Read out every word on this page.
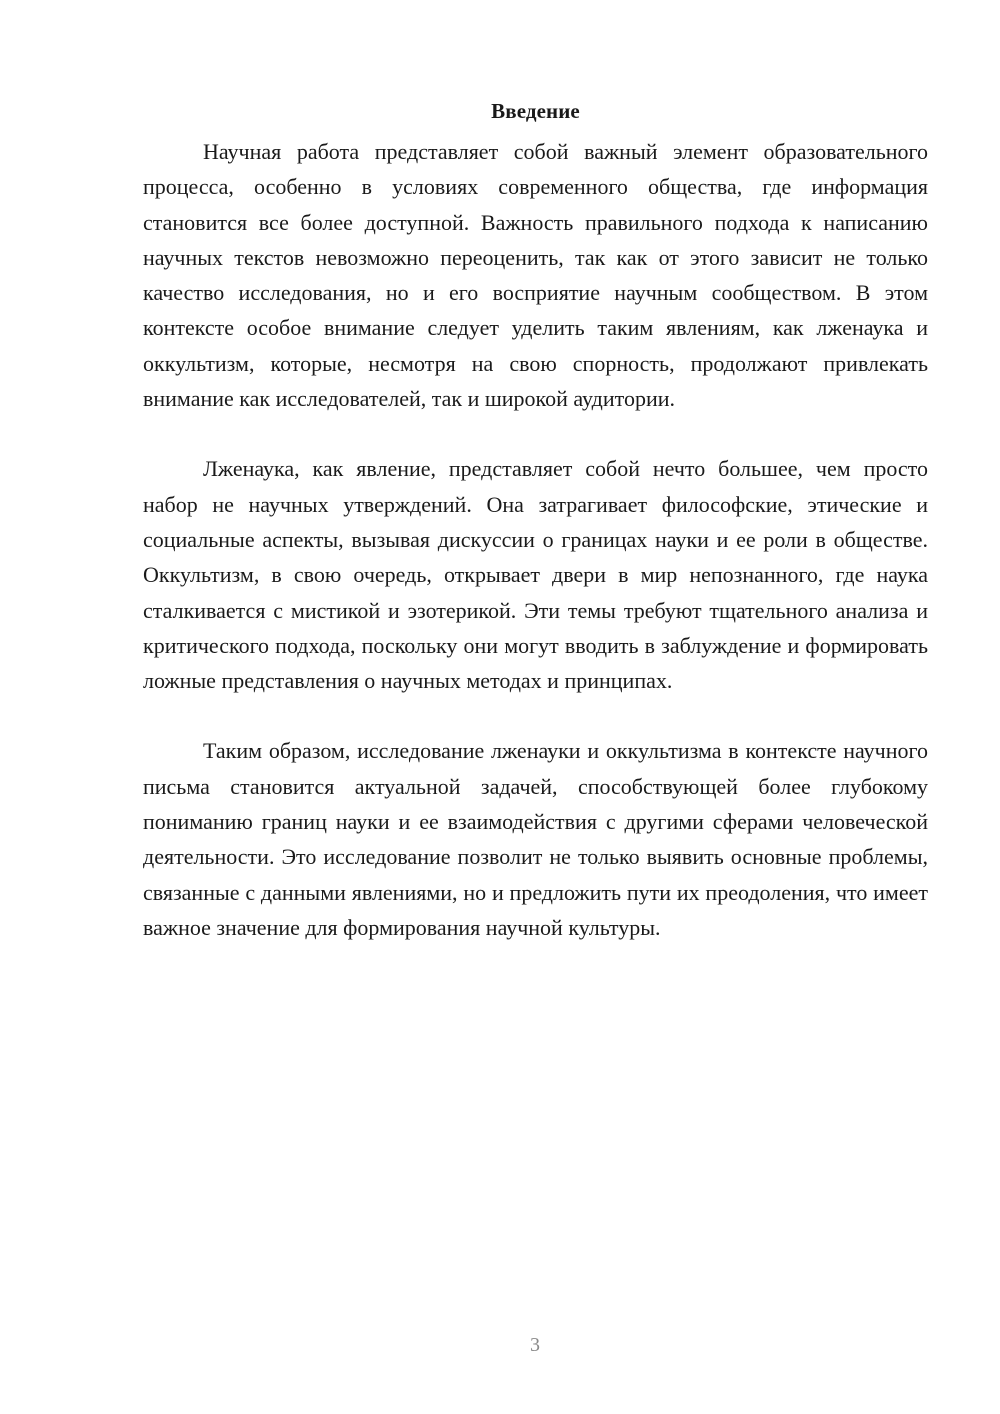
Введение

Научная работа представляет собой важный элемент образовательного процесса, особенно в условиях современного общества, где информация становится все более доступной. Важность правильного подхода к написанию научных текстов невозможно переоценить, так как от этого зависит не только качество исследования, но и его восприятие научным сообществом. В этом контексте особое внимание следует уделить таким явлениям, как лженаука и оккультизм, которые, несмотря на свою спорность, продолжают привлекать внимание как исследователей, так и широкой аудитории.

Лженаука, как явление, представляет собой нечто большее, чем просто набор не научных утверждений. Она затрагивает философские, этические и социальные аспекты, вызывая дискуссии о границах науки и ее роли в обществе. Оккультизм, в свою очередь, открывает двери в мир непознанного, где наука сталкивается с мистикой и эзотерикой. Эти темы требуют тщательного анализа и критического подхода, поскольку они могут вводить в заблуждение и формировать ложные представления о научных методах и принципах.

Таким образом, исследование лженауки и оккультизма в контексте научного письма становится актуальной задачей, способствующей более глубокому пониманию границ науки и ее взаимодействия с другими сферами человеческой деятельности. Это исследование позволит не только выявить основные проблемы, связанные с данными явлениями, но и предложить пути их преодоления, что имеет важное значение для формирования научной культуры.

3
